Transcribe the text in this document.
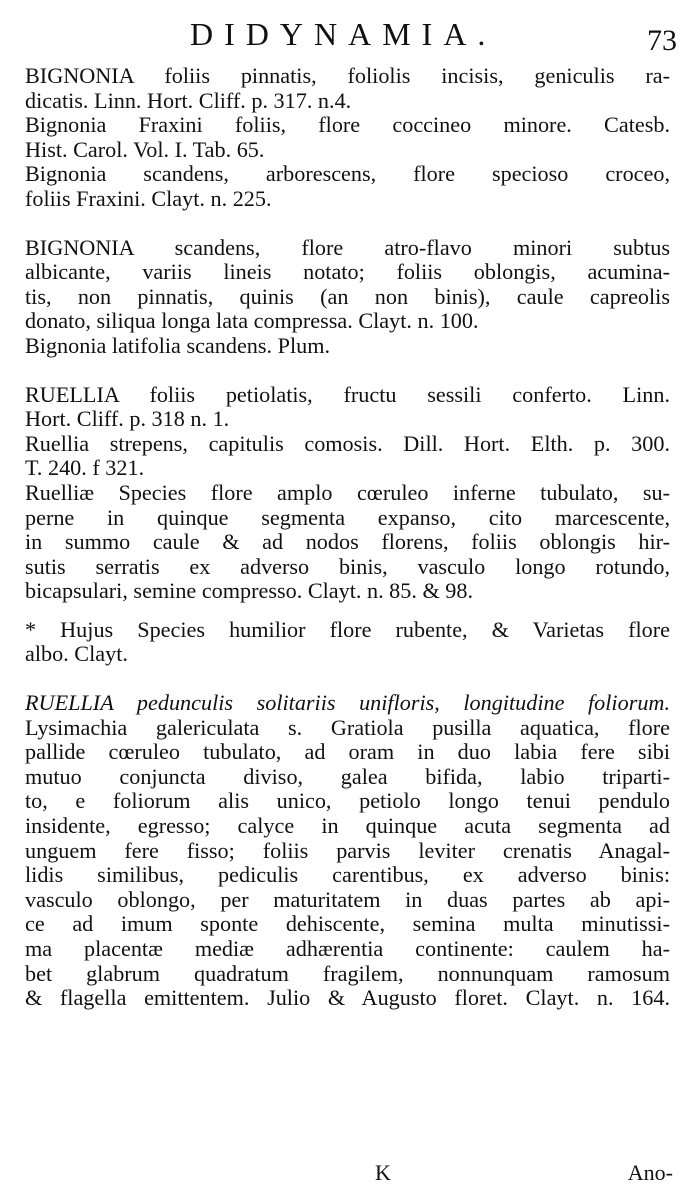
DIDYNAMIA.	73
BIGNONIA foliis pinnatis, foliolis incisis, geniculis ra-
dicatis. Linn. Hort. Cliff. p. 317. n.4.
Bignonia Fraxini foliis, flore coccineo minore. Catesb.
Hist. Carol. Vol. I. Tab. 65.
Bignonia scandens, arborescens, flore specioso croceo,
foliis Fraxini. Clayt. n. 225.
BIGNONIA scandens, flore atro-flavo minori subtus
albicante, variis lineis notato; foliis oblongis, acumina-
tis, non pinnatis, quinis (an non binis), caule capreolis
donato, siliqua longa lata compressa. Clayt. n. 100.
Bignonia latifolia scandens. Plum.
RUELLIA foliis petiolatis, fructu sessili conferto. Linn.
Hort. Cliff. p. 318 n. 1.
Ruellia strepens, capitulis comosis. Dill. Hort. Elth. p. 300.
T. 240. f 321.
Ruelliæ Species flore amplo cœruleo inferne tubulato, su-
perne in quinque segmenta expanso, cito marcescente,
in summo caule & ad nodos florens, foliis oblongis hir-
sutis serratis ex adverso binis, vasculo longo rotundo,
bicapsulari, semine compresso. Clayt. n. 85. & 98.
* Hujus Species humilior flore rubente, & Varietas flore
albo. Clayt.
RUELLIA pedunculis solitariis unifloris, longitudine foliorum.
Lysimachia galericulata s. Gratiola pusilla aquatica, flore
pallide cœruleo tubulato, ad oram in duo labia fere sibi
mutuo conjuncta diviso, galea bifida, labio triparti-
to, e foliorum alis unico, petiolo longo tenui pendulo
insidente, egresso; calyce in quinque acuta segmenta ad
unguem fere fisso; foliis parvis leviter crenatis Anagal-
lidis similibus, pediculis carentibus, ex adverso binis:
vasculo oblongo, per maturitatem in duas partes ab api-
ce ad imum sponte dehiscente, semina multa minutissi-
ma placentæ mediæ adhærentia continente: caulem ha-
bet glabrum quadratum fragilem, nonnunquam ramosum
& flagella emittentem. Julio & Augusto floret. Clayt. n. 164.
K	Ano-
